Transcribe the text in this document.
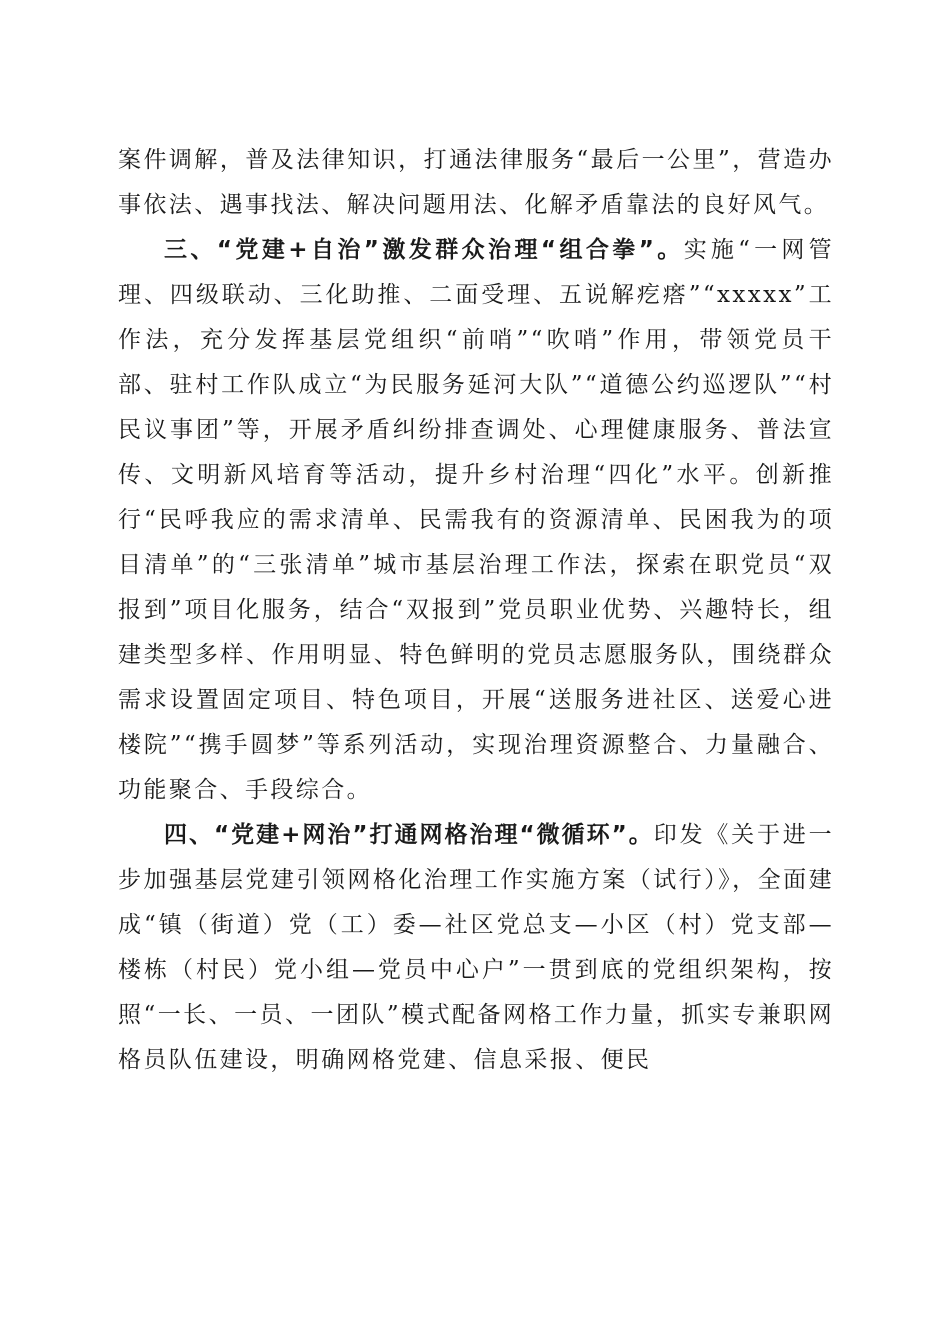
案件调解，普及法律知识，打通法律服务“最后一公里”，营造办事依法、遇事找法、解决问题用法、化解矛盾靠法的良好风气。

三、“党建+自治”激发群众治理“组合拳”。实施“一网管理、四级联动、三化助推、二面受理、五说解疙瘩”“xxxxx”工作法，充分发挥基层党组织“前哨”“吹哨”作用，带领党员干部、驻村工作队成立“为民服务延河大队”“道德公约巡逻队”“村民议事团”等，开展矛盾纠纷排查调处、心理健康服务、普法宣传、文明新风培育等活动，提升乡村治理“四化”水平。创新推行“民呼我应的需求清单、民需我有的资源清单、民困我为的项目清单”的“三张清单”城市基层治理工作法，探索在职党员“双报到”项目化服务，结合“双报到”党员职业优势、兴趣特长，组建类型多样、作用明显、特色鲜明的党员志愿服务队，围绕群众需求设置固定项目、特色项目，开展“送服务进社区、送爱心进楼院”“携手圆梦”等系列活动，实现治理资源整合、力量融合、功能聚合、手段综合。

四、“党建+网治”打通网格治理“微循环”。印发《关于进一步加强基层党建引领网格化治理工作实施方案（试行）》，全面建成“镇（街道）党（工）委—社区党总支—小区（村）党支部—楼栋（村民）党小组—党员中心户”一贯到底的党组织架构，按照“一长、一员、一团队”模式配备网格工作力量，抓实专兼职网格员队伍建设，明确网格党建、信息采报、便民
